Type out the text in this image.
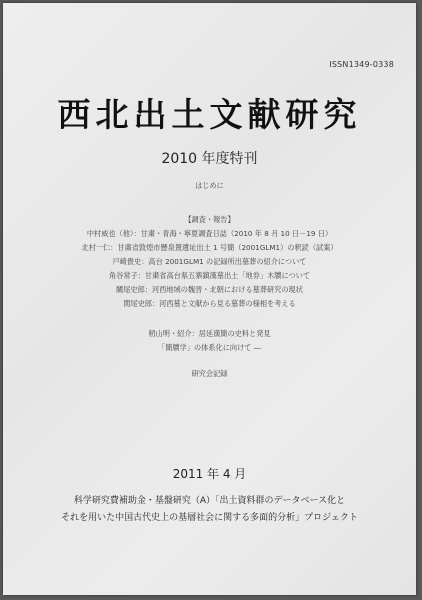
ISSN1349-0338
西北出土文献研究
2010 年度特刊
はじめに
【調査・報告】
中村威也（他）：甘粛・青海・寧夏調査日誌（2010 年 8 月 10 日－19 日）
北村一仁：甘粛省敦煌市懸泉置遺址出土 1 号簡（2001GLM1）の釈読（試案）
戸崎貴史：高台 2001GLM1 の記録所出墓葬の紹介について
角谷常子：甘粛省高台県五寨鎮漢墓出土「地券」木牘について
關尾史郎：河西地域の魏晋・北朝における墓葬研究の現状
関尾史郎：河西墓と文献から見る墓葬の様相を考える
籾山明・紹介：居延漢簡の史料と発見
「簡牘学」の体系化に向けて ―
研究会記録
2011 年 4 月
科学研究費補助金・基盤研究（A）「出土資料群のデータベース化と
それを用いた中国古代史上の基層社会に関する多面的分析」プロジェクト
